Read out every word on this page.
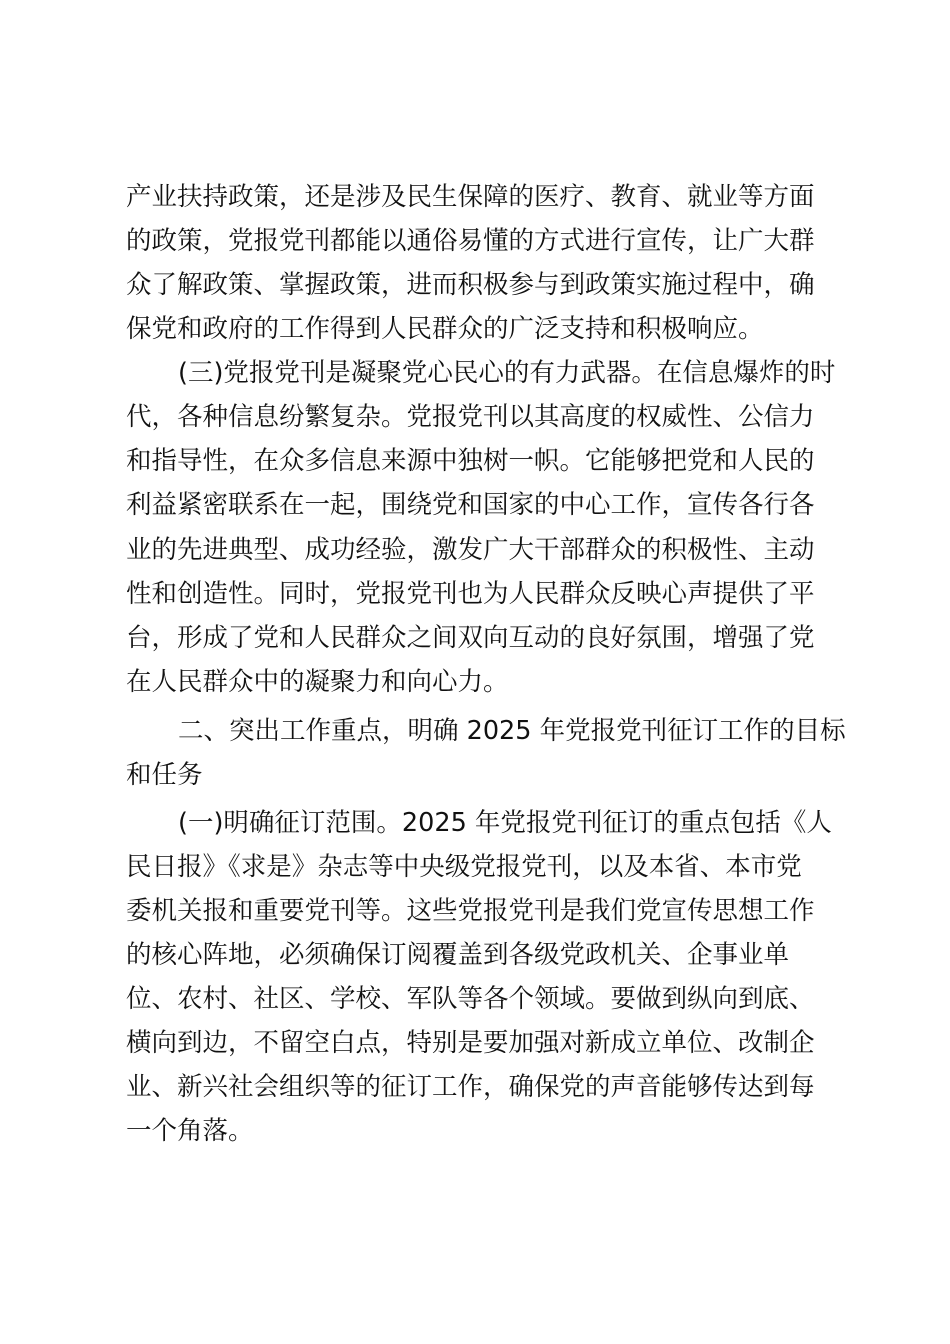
产业扶持政策，还是涉及民生保障的医疗、教育、就业等方面
的政策，党报党刊都能以通俗易懂的方式进行宣传，让广大群
众了解政策、掌握政策，进而积极参与到政策实施过程中，确
保党和政府的工作得到人民群众的广泛支持和积极响应。
(三)党报党刊是凝聚党心民心的有力武器。在信息爆炸的时
代，各种信息纷繁复杂。党报党刊以其高度的权威性、公信力
和指导性，在众多信息来源中独树一帜。它能够把党和人民的
利益紧密联系在一起，围绕党和国家的中心工作，宣传各行各
业的先进典型、成功经验，激发广大干部群众的积极性、主动
性和创造性。同时，党报党刊也为人民群众反映心声提供了平
台，形成了党和人民群众之间双向互动的良好氛围，增强了党
在人民群众中的凝聚力和向心力。
二、突出工作重点，明确 2025 年党报党刊征订工作的目标
和任务
(一)明确征订范围。2025 年党报党刊征订的重点包括《人
民日报》《求是》杂志等中央级党报党刊，以及本省、本市党
委机关报和重要党刊等。这些党报党刊是我们党宣传思想工作
的核心阵地，必须确保订阅覆盖到各级党政机关、企事业单
位、农村、社区、学校、军队等各个领域。要做到纵向到底、
横向到边，不留空白点，特别是要加强对新成立单位、改制企
业、新兴社会组织等的征订工作，确保党的声音能够传达到每
一个角落。
